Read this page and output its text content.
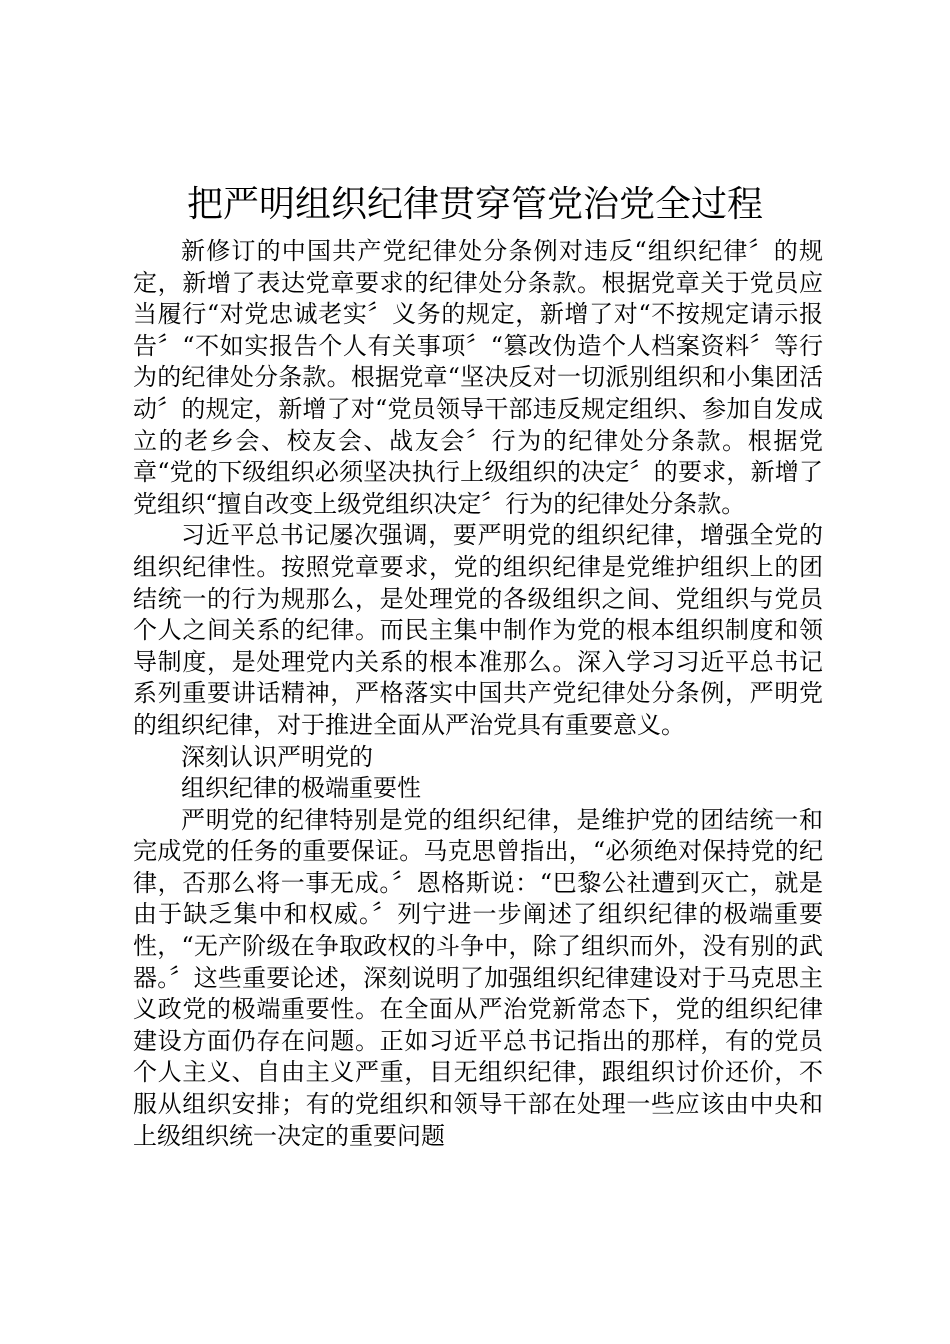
把严明组织纪律贯穿管党治党全过程

新修订的中国共产党纪律处分条例对违反“组织纪律〞的规定，新增了表达党章要求的纪律处分条款。根据党章关于党员应当履行“对党忠诚老实〞义务的规定，新增了对“不按规定请示报告〞“不如实报告个人有关事项〞“篡改伪造个人档案资料〞等行为的纪律处分条款。根据党章“坚决反对一切派别组织和小集团活动〞的规定，新增了对“党员领导干部违反规定组织、参加自发成立的老乡会、校友会、战友会〞行为的纪律处分条款。根据党章“党的下级组织必须坚决执行上级组织的决定〞的要求，新增了党组织“擅自改变上级党组织决定〞行为的纪律处分条款。

习近平总书记屡次强调，要严明党的组织纪律，增强全党的组织纪律性。按照党章要求，党的组织纪律是党维护组织上的团结统一的行为规那么，是处理党的各级组织之间、党组织与党员个人之间关系的纪律。而民主集中制作为党的根本组织制度和领导制度，是处理党内关系的根本准那么。深入学习习近平总书记系列重要讲话精神，严格落实中国共产党纪律处分条例，严明党的组织纪律，对于推进全面从严治党具有重要意义。

深刻认识严明党的

组织纪律的极端重要性

严明党的纪律特别是党的组织纪律，是维护党的团结统一和完成党的任务的重要保证。马克思曾指出，“必须绝对保持党的纪律，否那么将一事无成。〞恩格斯说：“巴黎公社遭到灭亡，就是由于缺乏集中和权威。〞列宁进一步阐述了组织纪律的极端重要性，“无产阶级在争取政权的斗争中，除了组织而外，没有别的武器。〞这些重要论述，深刻说明了加强组织纪律建设对于马克思主义政党的极端重要性。在全面从严治党新常态下，党的组织纪律建设方面仍存在问题。正如习近平总书记指出的那样，有的党员个人主义、自由主义严重，目无组织纪律，跟组织讨价还价，不服从组织安排；有的党组织和领导干部在处理一些应该由中央和上级组织统一决定的重要问题
